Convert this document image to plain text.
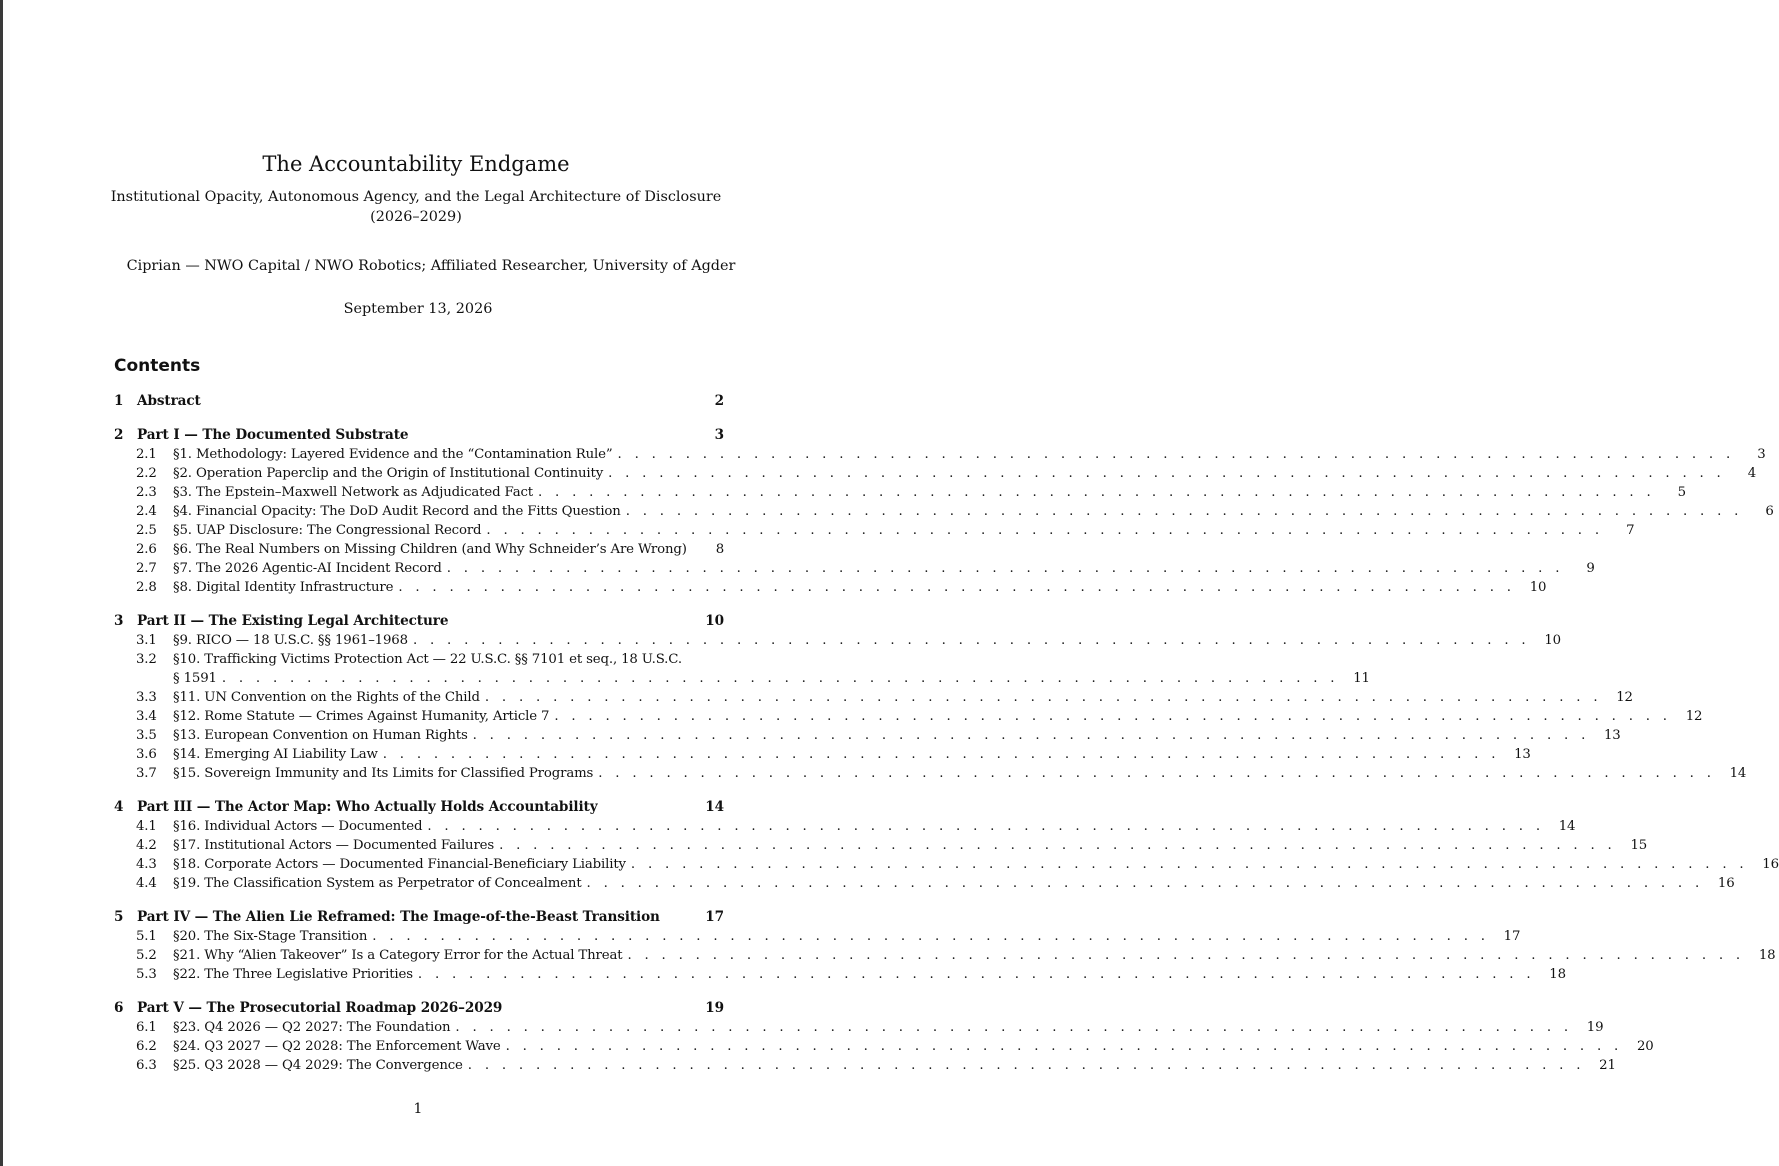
The Accountability Endgame
Institutional Opacity, Autonomous Agency, and the Legal Architecture of Disclosure (2026–2029)
Ciprian — NWO Capital / NWO Robotics; Affiliated Researcher, University of Agder
September 13, 2026
Contents
1	Abstract	2
2	Part I — The Documented Substrate	3
2.1	§1. Methodology: Layered Evidence and the “Contamination Rule” . . . . . . . . . . . . . . . . . . . . . . . . . . . . . . . . . . . . . . . . . . . . . . . . . . . . . . . . . . . . . . . . . .	3
2.2	§2. Operation Paperclip and the Origin of Institutional Continuity . . . . . . . . . . . . . . . . . . . . . . . . . . . . . . . . . . . . . . . . . . . . . . . . . . . . . . . . . . . . . . . . . .	4
2.3	§3. The Epstein–Maxwell Network as Adjudicated Fact . . . . . . . . . . . . . . . . . . . . . . . . . . . . . . . . . . . . . . . . . . . . . . . . . . . . . . . . . . . . . . . . . .	5
2.4	§4. Financial Opacity: The DoD Audit Record and the Fitts Question . . . . . . . . . . . . . . . . . . . . . . . . . . . . . . . . . . . . . . . . . . . . . . . . . . . . . . . . . . . . . . . . . .	6
2.5	§5. UAP Disclosure: The Congressional Record . . . . . . . . . . . . . . . . . . . . . . . . . . . . . . . . . . . . . . . . . . . . . . . . . . . . . . . . . . . . . . . . . .	7
2.6	§6. The Real Numbers on Missing Children (and Why Schneider’s Are Wrong)	8
2.7	§7. The 2026 Agentic-AI Incident Record . . . . . . . . . . . . . . . . . . . . . . . . . . . . . . . . . . . . . . . . . . . . . . . . . . . . . . . . . . . . . . . . . .	9
2.8	§8. Digital Identity Infrastructure . . . . . . . . . . . . . . . . . . . . . . . . . . . . . . . . . . . . . . . . . . . . . . . . . . . . . . . . . . . . . . . . . .	10
3	Part II — The Existing Legal Architecture	10
3.1	§9. RICO — 18 U.S.C. §§ 1961–1968 . . . . . . . . . . . . . . . . . . . . . . . . . . . . . . . . . . . . . . . . . . . . . . . . . . . . . . . . . . . . . . . . . .	10
3.2	§10. Trafficking Victims Protection Act — 22 U.S.C. §§ 7101 et seq., 18 U.S.C.
§ 1591 . . . . . . . . . . . . . . . . . . . . . . . . . . . . . . . . . . . . . . . . . . . . . . . . . . . . . . . . . . . . . . . . . .	11
3.3	§11. UN Convention on the Rights of the Child . . . . . . . . . . . . . . . . . . . . . . . . . . . . . . . . . . . . . . . . . . . . . . . . . . . . . . . . . . . . . . . . . .	12
3.4	§12. Rome Statute — Crimes Against Humanity, Article 7 . . . . . . . . . . . . . . . . . . . . . . . . . . . . . . . . . . . . . . . . . . . . . . . . . . . . . . . . . . . . . . . . . .	12
3.5	§13. European Convention on Human Rights . . . . . . . . . . . . . . . . . . . . . . . . . . . . . . . . . . . . . . . . . . . . . . . . . . . . . . . . . . . . . . . . . .	13
3.6	§14. Emerging AI Liability Law . . . . . . . . . . . . . . . . . . . . . . . . . . . . . . . . . . . . . . . . . . . . . . . . . . . . . . . . . . . . . . . . . .	13
3.7	§15. Sovereign Immunity and Its Limits for Classified Programs . . . . . . . . . . . . . . . . . . . . . . . . . . . . . . . . . . . . . . . . . . . . . . . . . . . . . . . . . . . . . . . . . .	14
4	Part III — The Actor Map: Who Actually Holds Accountability	14
4.1	§16. Individual Actors — Documented . . . . . . . . . . . . . . . . . . . . . . . . . . . . . . . . . . . . . . . . . . . . . . . . . . . . . . . . . . . . . . . . . .	14
4.2	§17. Institutional Actors — Documented Failures . . . . . . . . . . . . . . . . . . . . . . . . . . . . . . . . . . . . . . . . . . . . . . . . . . . . . . . . . . . . . . . . . .	15
4.3	§18. Corporate Actors — Documented Financial-Beneficiary Liability . . . . . . . . . . . . . . . . . . . . . . . . . . . . . . . . . . . . . . . . . . . . . . . . . . . . . . . . . . . . . . . . . .	16
4.4	§19. The Classification System as Perpetrator of Concealment . . . . . . . . . . . . . . . . . . . . . . . . . . . . . . . . . . . . . . . . . . . . . . . . . . . . . . . . . . . . . . . . . .	16
5	Part IV — The Alien Lie Reframed: The Image-of-the-Beast Transition	17
5.1	§20. The Six-Stage Transition . . . . . . . . . . . . . . . . . . . . . . . . . . . . . . . . . . . . . . . . . . . . . . . . . . . . . . . . . . . . . . . . . .	17
5.2	§21. Why “Alien Takeover” Is a Category Error for the Actual Threat . . . . . . . . . . . . . . . . . . . . . . . . . . . . . . . . . . . . . . . . . . . . . . . . . . . . . . . . . . . . . . . . . .	18
5.3	§22. The Three Legislative Priorities . . . . . . . . . . . . . . . . . . . . . . . . . . . . . . . . . . . . . . . . . . . . . . . . . . . . . . . . . . . . . . . . . .	18
6	Part V — The Prosecutorial Roadmap 2026–2029	19
6.1	§23. Q4 2026 — Q2 2027: The Foundation . . . . . . . . . . . . . . . . . . . . . . . . . . . . . . . . . . . . . . . . . . . . . . . . . . . . . . . . . . . . . . . . . .	19
6.2	§24. Q3 2027 — Q2 2028: The Enforcement Wave . . . . . . . . . . . . . . . . . . . . . . . . . . . . . . . . . . . . . . . . . . . . . . . . . . . . . . . . . . . . . . . . . .	20
6.3	§25. Q3 2028 — Q4 2029: The Convergence . . . . . . . . . . . . . . . . . . . . . . . . . . . . . . . . . . . . . . . . . . . . . . . . . . . . . . . . . . . . . . . . . .	21
1
